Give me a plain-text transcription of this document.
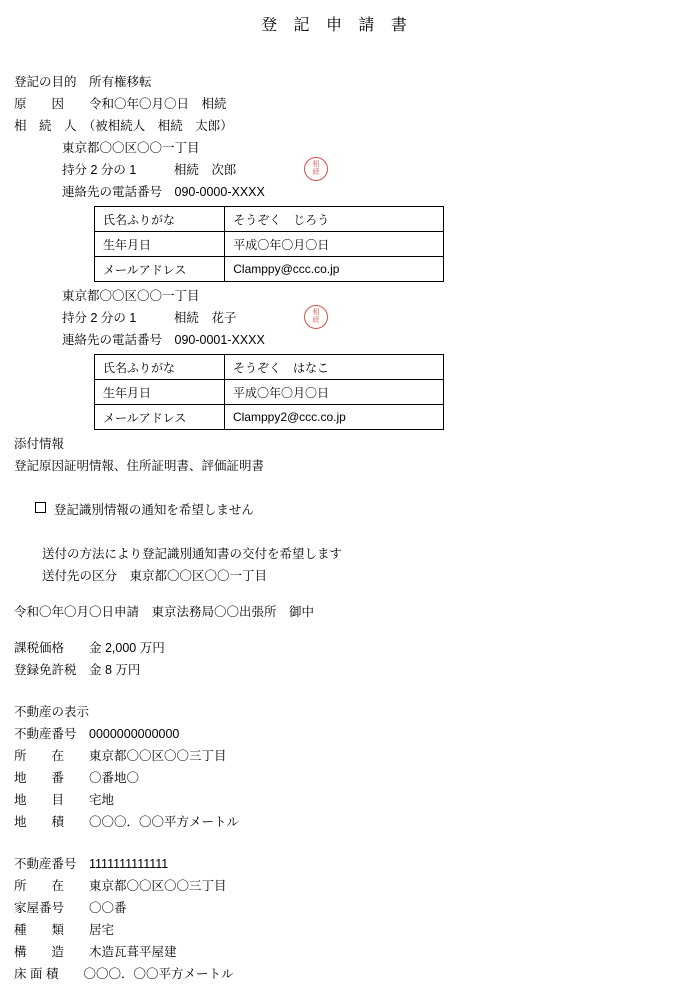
登 記 申 請 書
登記の目的　所有権移転
原　　因　　令和〇年〇月〇日　相続
相　続　人　（被相続人　相続　太郎）
相
続
東京都〇〇区〇〇一丁目
持分 2 分の 1　　　相続　次郎
連絡先の電話番号　090-0000-XXXX
氏名ふりがな	そうぞく　じろう
生年月日	平成〇年〇月〇日
メールアドレス	Clamppy@ccc.co.jp
相
続
東京都〇〇区〇〇一丁目
持分 2 分の 1　　　相続　花子
連絡先の電話番号　090-0001-XXXX
氏名ふりがな	そうぞく　はなこ
生年月日	平成〇年〇月〇日
メールアドレス	Clamppy2@ccc.co.jp
添付情報
登記原因証明情報、住所証明書、評価証明書

登記識別情報の通知を希望しません

送付の方法により登記識別通知書の交付を希望します
送付先の区分　東京都〇〇区〇〇一丁目
令和〇年〇月〇日申請　東京法務局〇〇出張所　御中
課税価格　　金 2,000 万円
登録免許税　金 8 万円
不動産の表示
不動産番号　0000000000000
所　　在　　東京都〇〇区〇〇三丁目
地　　番　　〇番地〇
地　　目　　宅地
地　　積　　〇〇〇．〇〇平方メートル
不動産番号　1111111111111
所　　在　　東京都〇〇区〇〇三丁目
家屋番号　　〇〇番
種　　類　　居宅
構　　造　　木造瓦葺平屋建
床 面 積　　〇〇〇．〇〇平方メートル
